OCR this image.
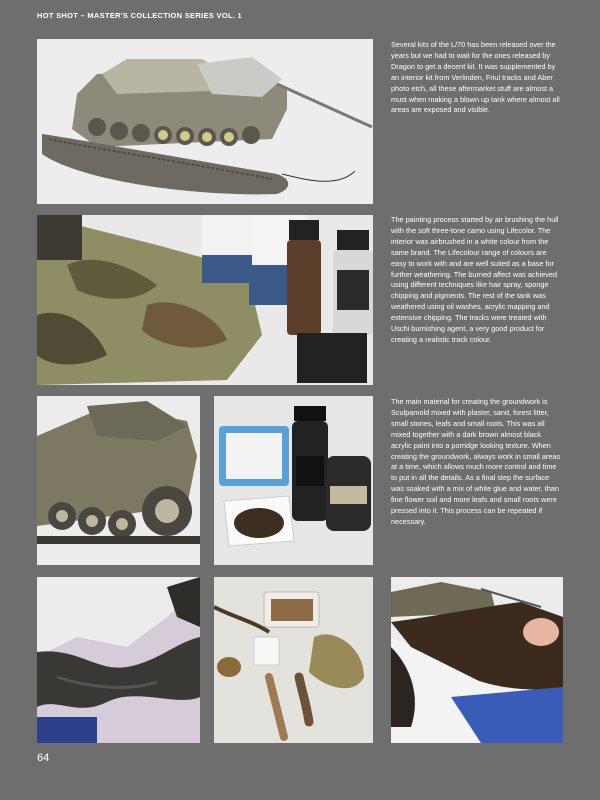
HOT SHOT – MASTER'S COLLECTION SERIES VOL. 1

Several kits of the L/70 has been released over the years but we had to wait for the ones released by Dragon to get a decent kit. It was supplemented by an interior kit from Verlinden, Friul tracks and Aber photo etch, all these aftermarket stuff are almost a must when making a blown up tank where almost all areas are exposed and visible.

The painting process started by air brushing the hull with the soft three-tone camo using Lifecolor. The interior was airbrushed in a white colour from the same brand. The Lifecolour range of colours are easy to work with and are well suited as a base for further weathering. The burned affect was achieved using different techniques like hair spray, sponge chipping and pigments. The rest of the tank was weathered using oil washes, acrylic mapping and extensive chipping. The tracks were treated with Uschi burnishing agent, a very good product for creating a realistic track colour.

The main material for creating the groundwork is Sculpamold mixed with plaster, sand, forest litter, small stones, leafs and small roots. This was all mixed together with a dark brown almost black acrylic paint into a porridge looking texture. When creating the groundwork, always work in small areas at a time, which allows much more control and time to put in all the details. As a final step the surface was soaked with a mix of white glue and water, than fine flower soil and more leafs and small roots were pressed into it. This process can be repeated if necessary.

64
